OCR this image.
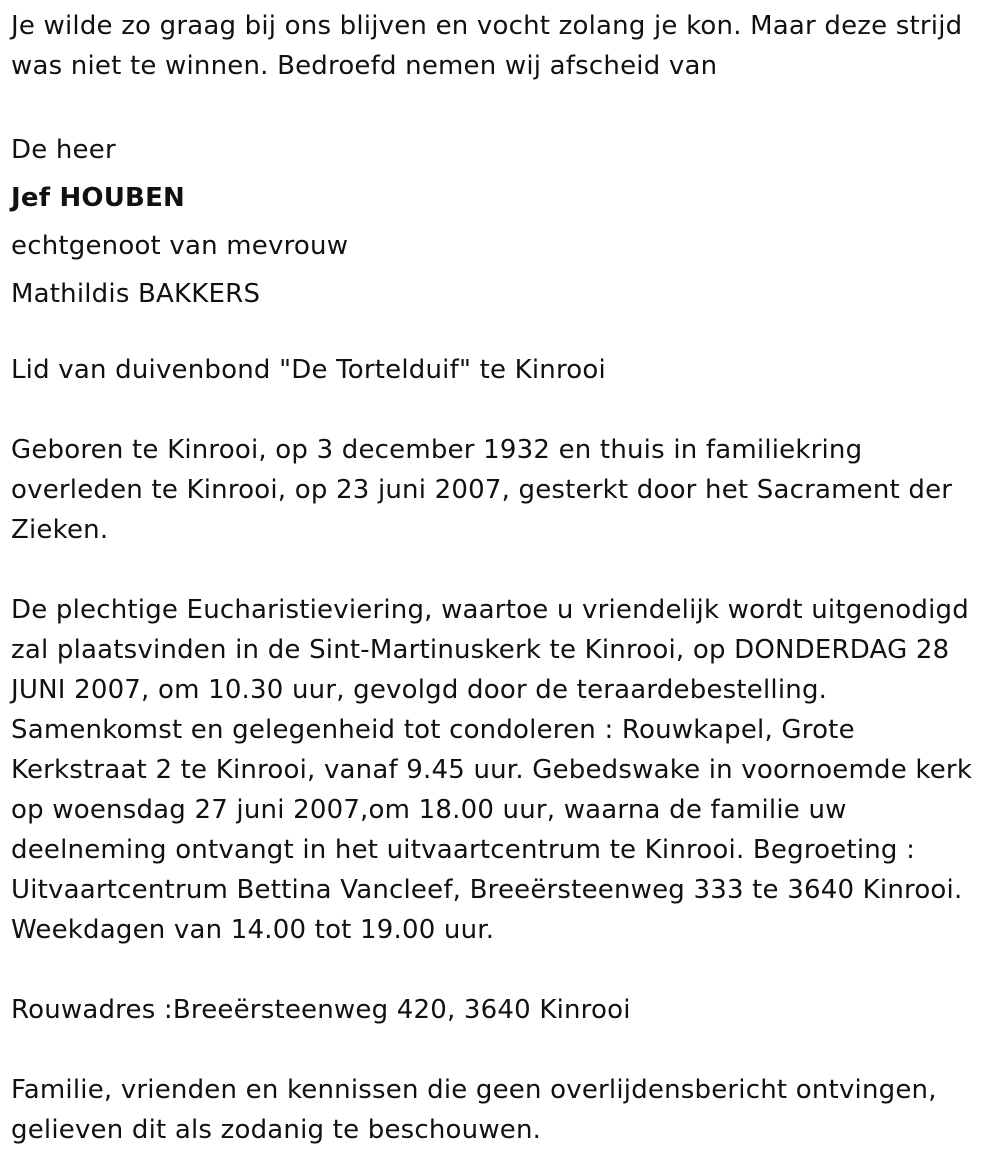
Je wilde zo graag bij ons blijven en vocht zolang je kon. Maar deze strijd
was niet te winnen. Bedroefd nemen wij afscheid van

De heer
Jef HOUBEN
echtgenoot van mevrouw
Mathildis BAKKERS

Lid van duivenbond "De Tortelduif" te Kinrooi

Geboren te Kinrooi, op 3 december 1932 en thuis in familiekring
overleden te Kinrooi, op 23 juni 2007, gesterkt door het Sacrament der
Zieken.

De plechtige Eucharistieviering, waartoe u vriendelijk wordt uitgenodigd
zal plaatsvinden in de Sint-Martinuskerk te Kinrooi, op DONDERDAG 28
JUNI 2007, om 10.30 uur, gevolgd door de teraardebestelling.
Samenkomst en gelegenheid tot condoleren : Rouwkapel, Grote
Kerkstraat 2 te Kinrooi, vanaf 9.45 uur. Gebedswake in voornoemde kerk
op woensdag 27 juni 2007,om 18.00 uur, waarna de familie uw
deelneming ontvangt in het uitvaartcentrum te Kinrooi. Begroeting :
Uitvaartcentrum Bettina Vancleef, Breeërsteenweg 333 te 3640 Kinrooi.
Weekdagen van 14.00 tot 19.00 uur.

Rouwadres :Breeërsteenweg 420, 3640 Kinrooi

Familie, vrienden en kennissen die geen overlijdensbericht ontvingen,
gelieven dit als zodanig te beschouwen.
